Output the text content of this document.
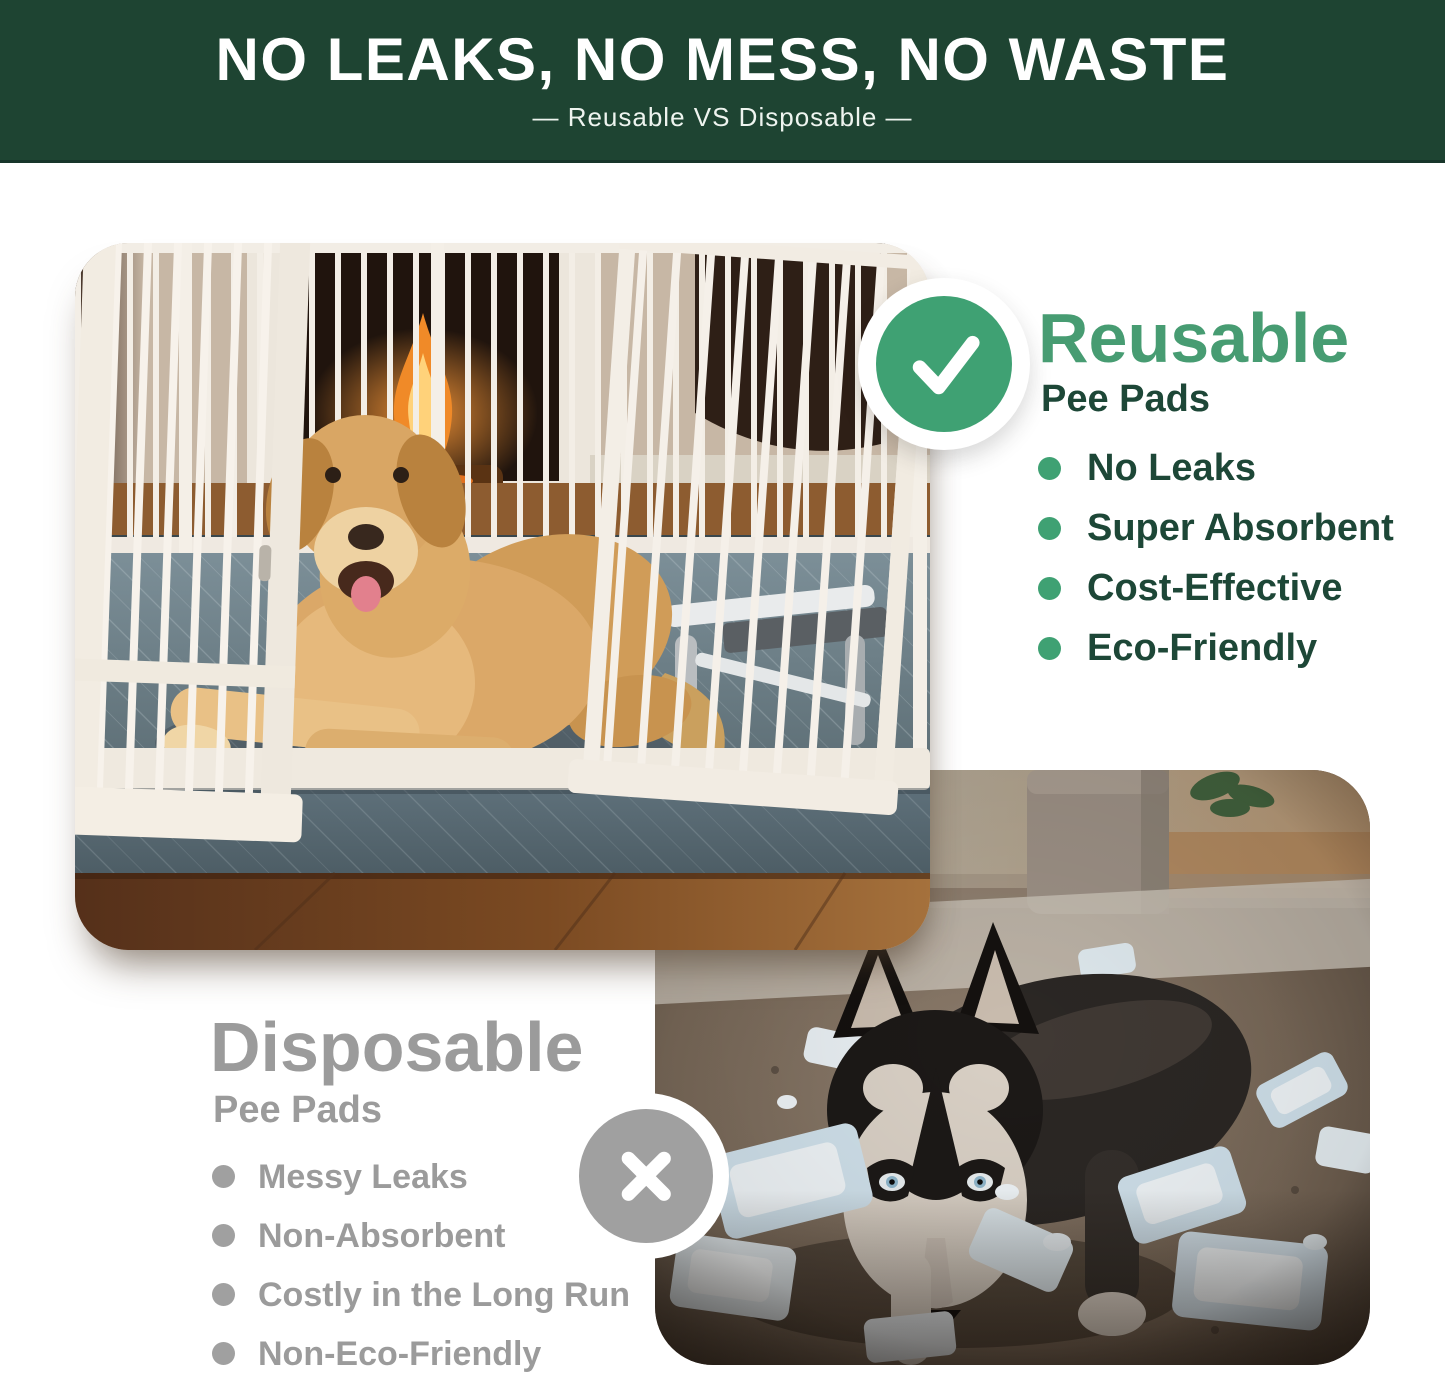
NO LEAKS, NO MESS, NO WASTE
— Reusable VS Disposable —
Reusable
Pee Pads
No Leaks
Super Absorbent
Cost-Effective
Eco-Friendly
Disposable
Pee Pads
Messy Leaks
Non-Absorbent
Costly in the Long Run
Non-Eco-Friendly
